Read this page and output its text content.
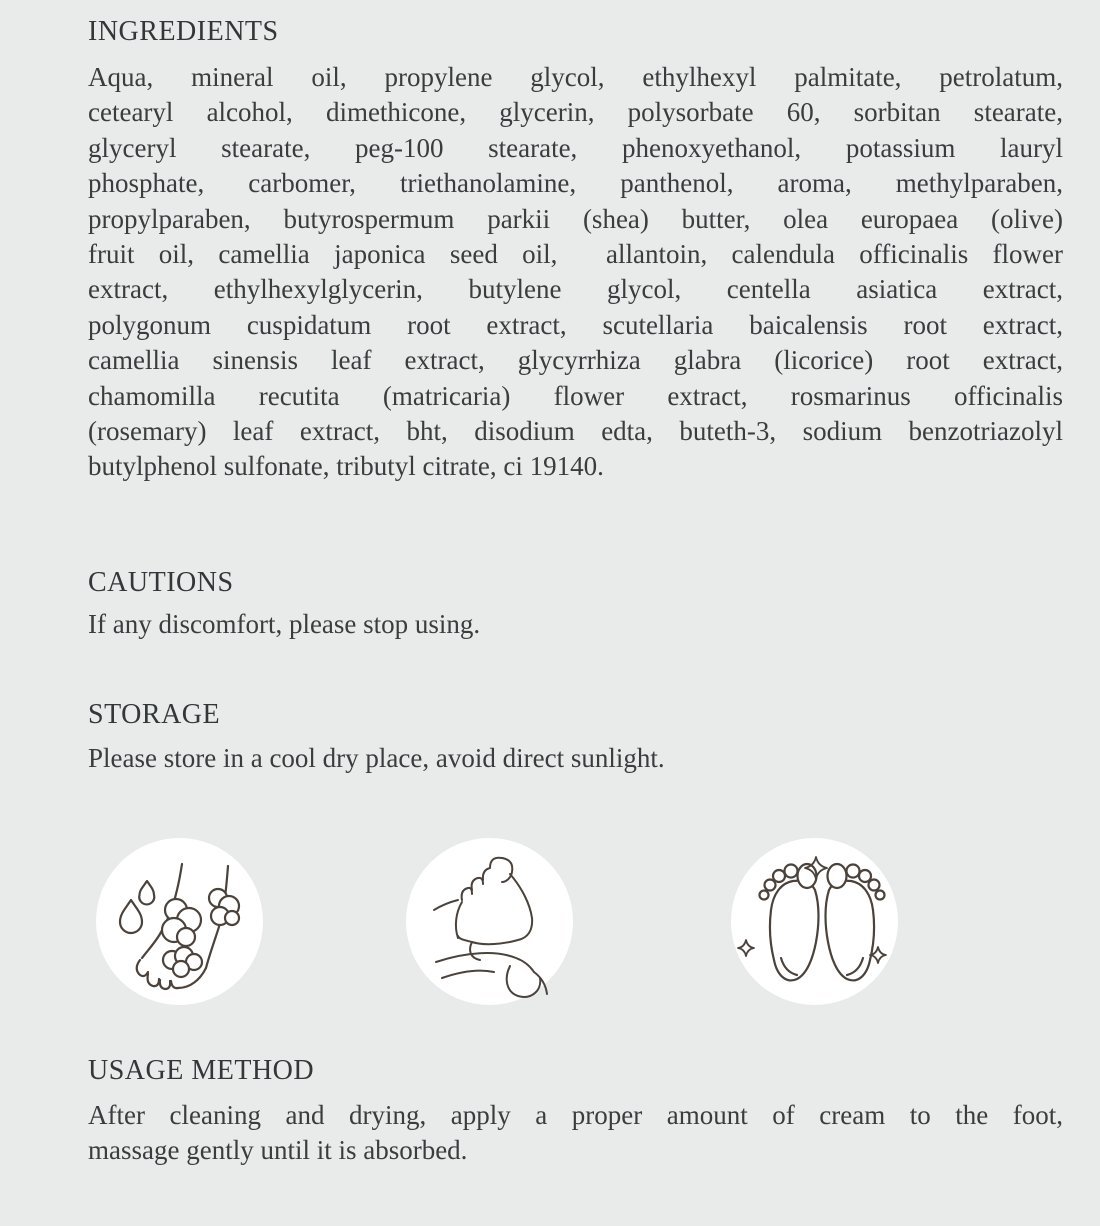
INGREDIENTS
Aqua, mineral oil, propylene glycol, ethylhexyl palmitate, petrolatum,
cetearyl alcohol, dimethicone, glycerin, polysorbate 60, sorbitan stearate,
glyceryl stearate, peg-100 stearate, phenoxyethanol, potassium lauryl
phosphate, carbomer, triethanolamine, panthenol, aroma, methylparaben,
propylparaben, butyrospermum parkii (shea) butter, olea europaea (olive)
fruit oil, camellia japonica seed oil,  allantoin, calendula officinalis flower
extract, ethylhexylglycerin, butylene glycol, centella asiatica extract,
polygonum cuspidatum root extract, scutellaria baicalensis root extract,
camellia sinensis leaf extract, glycyrrhiza glabra (licorice) root extract,
chamomilla recutita (matricaria) flower extract, rosmarinus officinalis
(rosemary) leaf extract, bht, disodium edta, buteth-3, sodium benzotriazolyl
butylphenol sulfonate, tributyl citrate, ci 19140.
CAUTIONS

If any discomfort, please stop using.

STORAGE

Please store in a cool dry place, avoid direct sunlight.

USAGE METHOD
After cleaning and drying, apply a proper amount of cream to the foot,
massage gently until it is absorbed.
